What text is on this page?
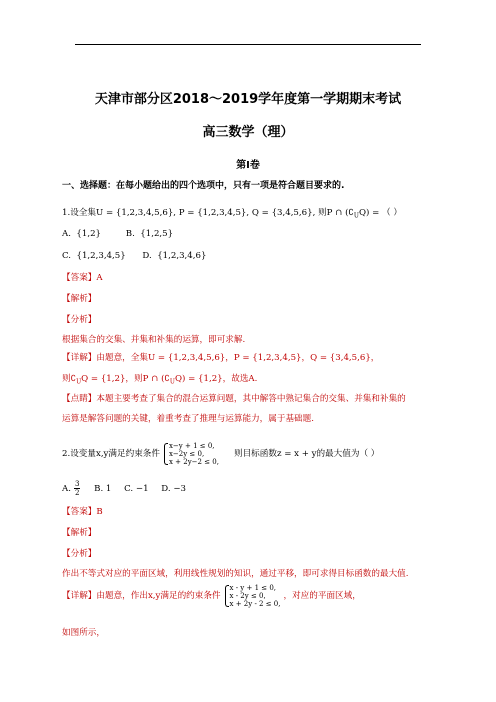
天津市部分区2018～2019学年度第一学期期末考试
高三数学（理）
第Ⅰ卷
一、选择题：在每小题给出的四个选项中，只有一项是符合题目要求的.
1.设全集U = {1,2,3,4,5,6}, P = {1,2,3,4,5}, Q = {3,4,5,6}, 则P ∩ $(∁_UQ)$ = （ ）
A. {1,2}	B. {1,2,5}
C. {1,2,3,4,5} D. {1,2,3,4,6}
【答案】A
【解析】
【分析】
根据集合的交集、并集和补集的运算，即可求解.
【详解】由题意，全集U = {1,2,3,4,5,6}，P = {1,2,3,4,5}，Q = {3,4,5,6}，
则$∁_UQ = \{1,2\}$，则P ∩ $(∁_UQ) = \{1,2\}$，故选A.
【点睛】本题主要考查了集合的混合运算问题，其中解答中熟记集合的交集、并集和补集的
运算是解答问题的关键，着重考查了推理与运算能力，属于基础题.
2.设变量x,y满足约束条件
x−y + 1 ≤ 0,
x−2y ≤ 0,
x + 2y−2 ≤ 0,
则目标函数z = x + y的最大值为（ ）
A. $\frac{3}{2} B$. 1 C. −1 D. −3
【答案】B
【解析】
【分析】
作出不等式对应的平面区域，利用线性规划的知识，通过平移，即可求得目标函数的最大值.
【详解】由题意，作出x,y满足的约束条件
x - y + 1 ≤ 0,
x - 2y ≤ 0,
x + 2y - 2 ≤ 0,
，对应的平面区域，
如图所示，
